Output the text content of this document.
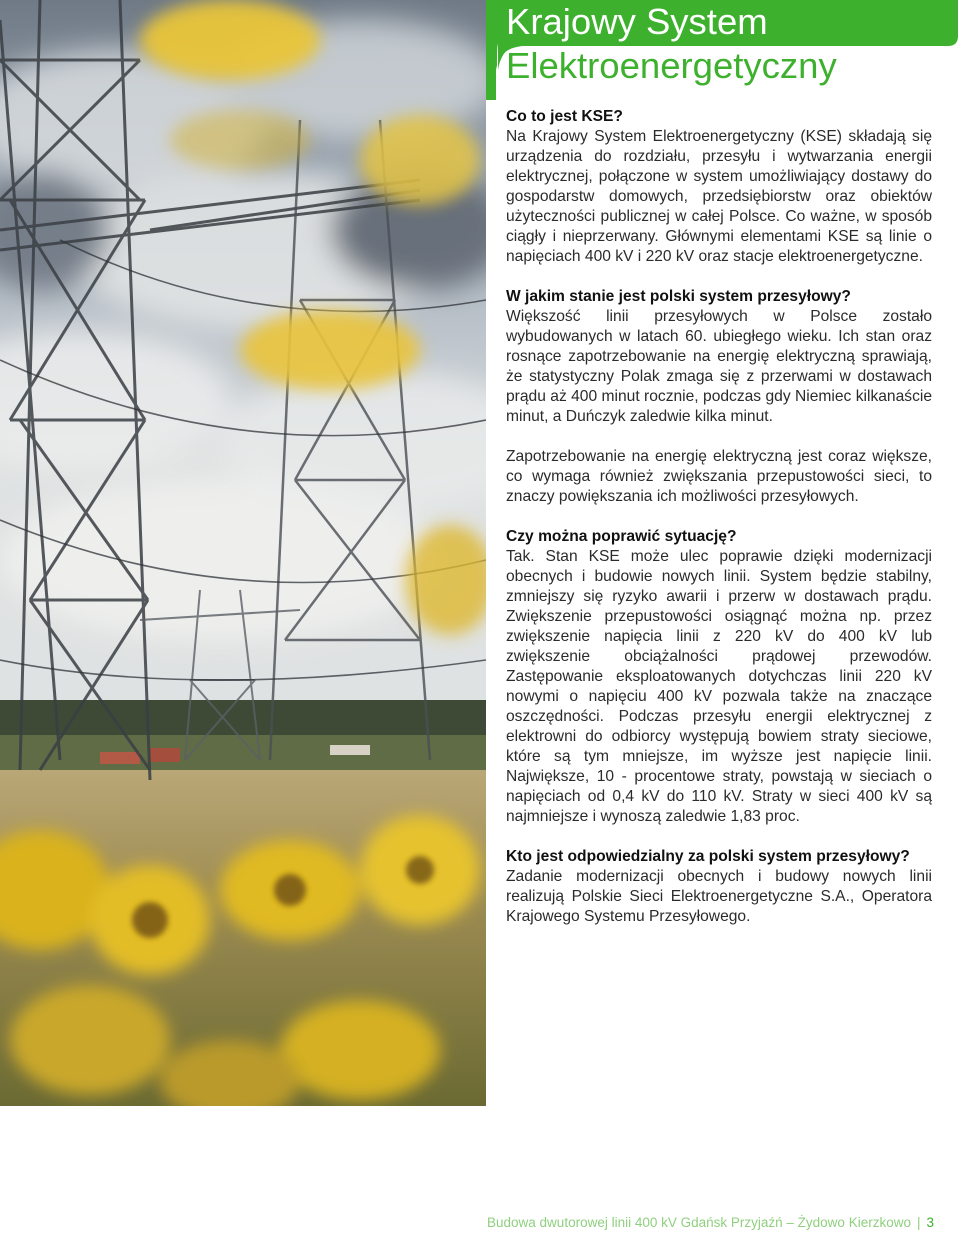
Krajowy System
Elektroenergetyczny
Co to jest KSE?

Na Krajowy System Elektroenergetyczny (KSE) składają się urządzenia do rozdziału, przesyłu i wytwarzania energii elektrycznej, połączone w system umożliwiający dostawy do gospodarstw domowych, przedsiębiorstw oraz obiektów użyteczności publicznej w całej Polsce. Co ważne, w sposób ciągły i nieprzerwany. Głównymi elementami KSE są linie o napięciach 400 kV i 220 kV oraz stacje elektroenergetyczne.

W jakim stanie jest polski system przesyłowy?

Większość linii przesyłowych w Polsce zostało wybudowanych w latach 60. ubiegłego wieku. Ich stan oraz rosnące zapotrzebowanie na energię elektryczną sprawiają, że statystyczny Polak zmaga się z przerwami w dostawach prądu aż 400 minut rocznie, podczas gdy Niemiec kilkanaście minut, a Duńczyk zaledwie kilka minut.

Zapotrzebowanie na energię elektryczną jest coraz większe, co wymaga również zwiększania przepustowości sieci, to znaczy powiększania ich możliwości przesyłowych.

Czy można poprawić sytuację?

Tak. Stan KSE może ulec poprawie dzięki modernizacji obecnych i budowie nowych linii. System będzie stabilny, zmniejszy się ryzyko awarii i przerw w dostawach prądu. Zwiększenie przepustowości osiągnąć można np. przez zwiększenie napięcia linii z 220 kV do 400 kV lub zwiększenie obciążalności prądowej przewodów. Zastępowanie eksploatowanych dotychczas linii 220 kV nowymi o napięciu 400 kV pozwala także na znaczące oszczędności. Podczas przesyłu energii elektrycznej z elektrowni do odbiorcy występują bowiem straty sieciowe, które są tym mniejsze, im wyższe jest napięcie linii. Największe, 10 - procentowe straty, powstają w sieciach o napięciach od 0,4 kV do 110 kV. Straty w sieci 400 kV są najmniejsze i wynoszą zaledwie 1,83 proc.

Kto jest odpowiedzialny za polski system przesyłowy?

Zadanie modernizacji obecnych i budowy nowych linii realizują Polskie Sieci Elektroenergetyczne S.A., Operatora Krajowego Systemu Przesyłowego.

Budowa dwutorowej linii 400 kV Gdańsk Przyjaźń – Żydowo Kierzkowo | 3
